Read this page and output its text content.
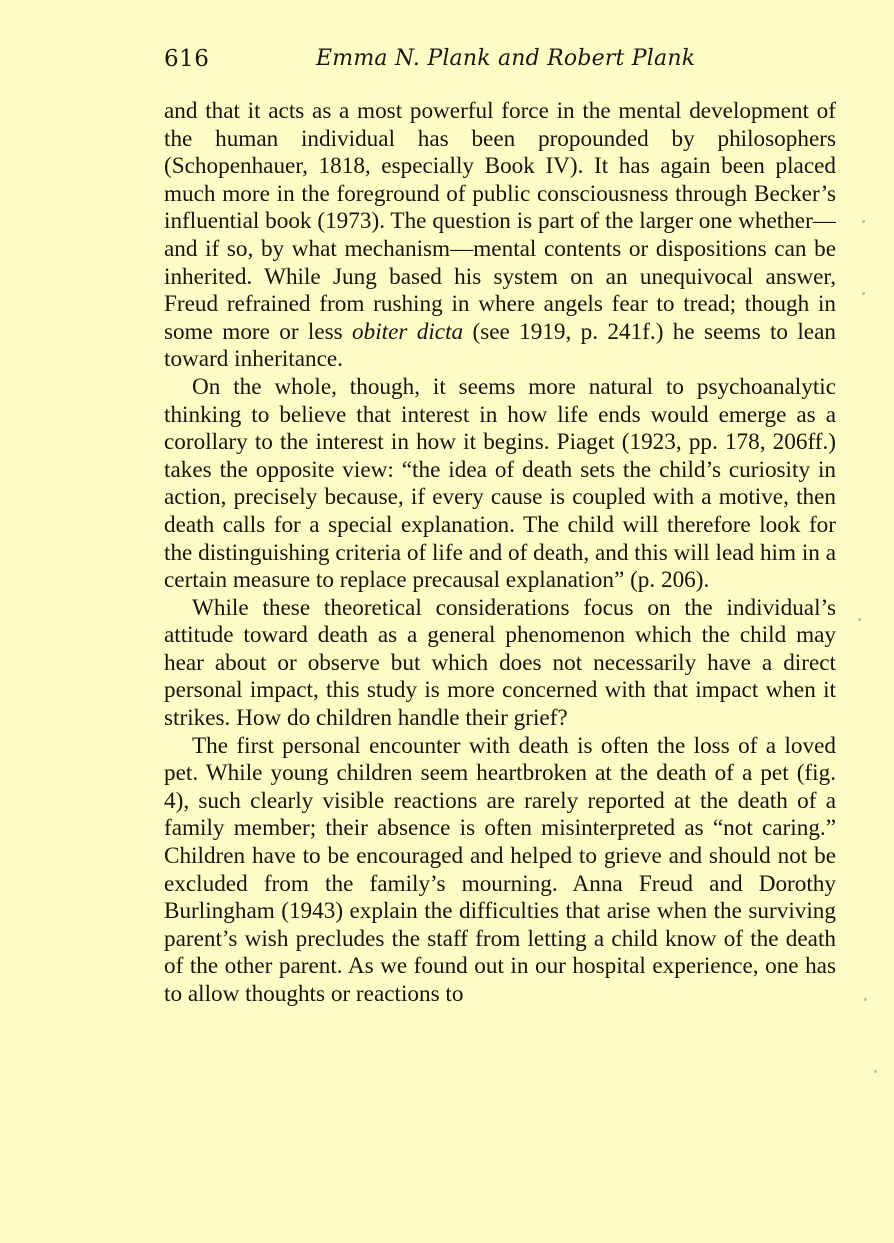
616	Emma N. Plank and Robert Plank

and that it acts as a most powerful force in the mental development of the human individual has been propounded by philosophers (Schopenhauer, 1818, especially Book IV). It has again been placed much more in the foreground of public consciousness through Becker’s influential book (1973). The question is part of the larger one whether—and if so, by what mechanism—mental contents or dispositions can be inherited. While Jung based his system on an unequivocal answer, Freud refrained from rushing in where angels fear to tread; though in some more or less obiter dicta (see 1919, p. 241f.) he seems to lean toward inheritance.

On the whole, though, it seems more natural to psychoanalytic thinking to believe that interest in how life ends would emerge as a corollary to the interest in how it begins. Piaget (1923, pp. 178, 206ff.) takes the opposite view: “the idea of death sets the child’s curiosity in action, precisely because, if every cause is coupled with a motive, then death calls for a special explanation. The child will therefore look for the distinguishing criteria of life and of death, and this will lead him in a certain measure to replace precausal explanation” (p. 206).

While these theoretical considerations focus on the individual’s attitude toward death as a general phenomenon which the child may hear about or observe but which does not necessarily have a direct personal impact, this study is more concerned with that impact when it strikes. How do children handle their grief?

The first personal encounter with death is often the loss of a loved pet. While young children seem heartbroken at the death of a pet (fig. 4), such clearly visible reactions are rarely reported at the death of a family member; their absence is often misinterpreted as “not caring.” Children have to be encouraged and helped to grieve and should not be excluded from the family’s mourning. Anna Freud and Dorothy Burlingham (1943) explain the difficulties that arise when the surviving parent’s wish precludes the staff from letting a child know of the death of the other parent. As we found out in our hospital experience, one has to allow thoughts or reactions to
